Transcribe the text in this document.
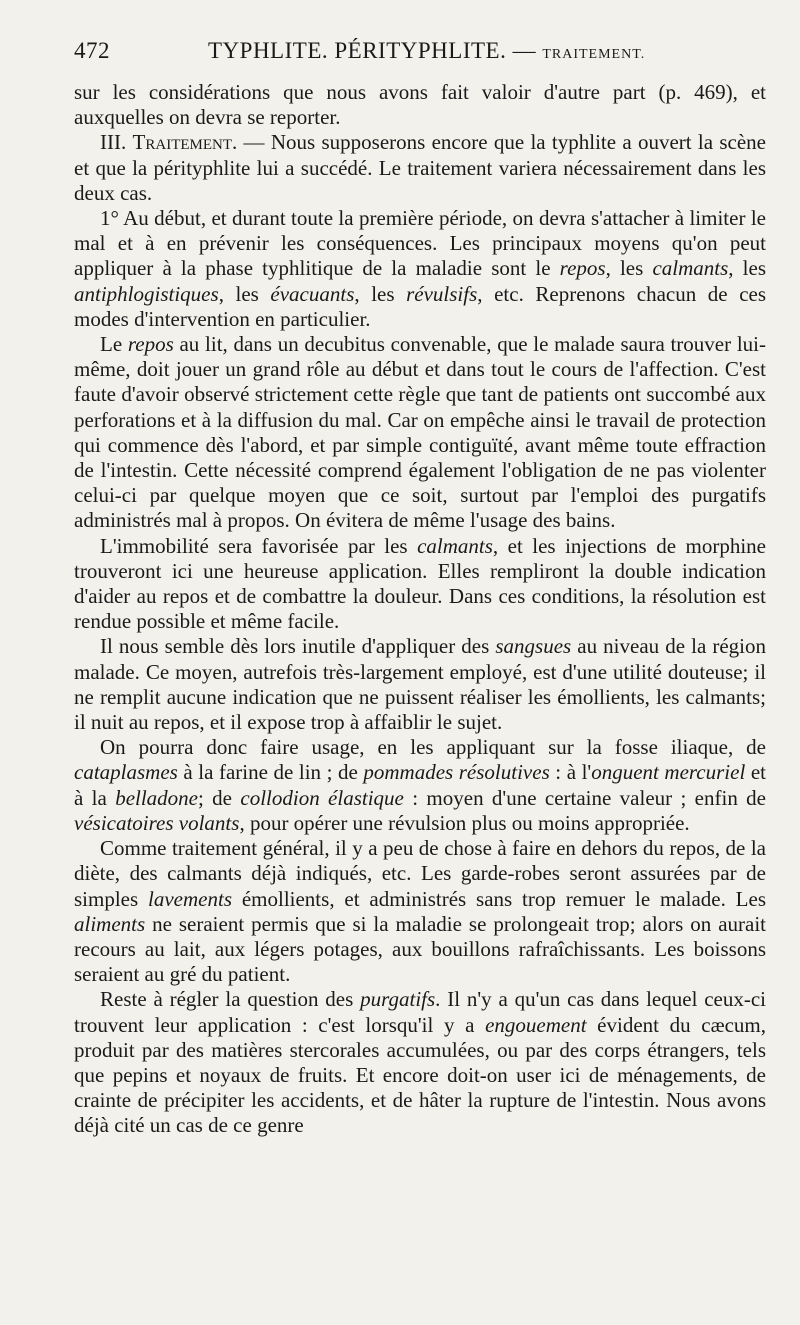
472	TYPHLITE. PÉRITYPHLITE. — TRAITEMENT.

sur les considérations que nous avons fait valoir d'autre part (p. 469), et auxquelles on devra se reporter.

III. Traitement. — Nous supposerons encore que la typhlite a ouvert la scène et que la pérityphlite lui a succédé. Le traitement variera nécessairement dans les deux cas.

1° Au début, et durant toute la première période, on devra s'attacher à limiter le mal et à en prévenir les conséquences. Les principaux moyens qu'on peut appliquer à la phase typhlitique de la maladie sont le repos, les calmants, les antiphlogistiques, les évacuants, les révulsifs, etc. Reprenons chacun de ces modes d'intervention en particulier.

Le repos au lit, dans un decubitus convenable, que le malade saura trouver lui-même, doit jouer un grand rôle au début et dans tout le cours de l'affection. C'est faute d'avoir observé strictement cette règle que tant de patients ont succombé aux perforations et à la diffusion du mal. Car on empêche ainsi le travail de protection qui commence dès l'abord, et par simple contiguïté, avant même toute effraction de l'intestin. Cette nécessité comprend également l'obligation de ne pas violenter celui-ci par quelque moyen que ce soit, surtout par l'emploi des purgatifs administrés mal à propos. On évitera de même l'usage des bains.

L'immobilité sera favorisée par les calmants, et les injections de morphine trouveront ici une heureuse application. Elles rempliront la double indication d'aider au repos et de combattre la douleur. Dans ces conditions, la résolution est rendue possible et même facile.

Il nous semble dès lors inutile d'appliquer des sangsues au niveau de la région malade. Ce moyen, autrefois très-largement employé, est d'une utilité douteuse; il ne remplit aucune indication que ne puissent réaliser les émollients, les calmants; il nuit au repos, et il expose trop à affaiblir le sujet.

On pourra donc faire usage, en les appliquant sur la fosse iliaque, de cataplasmes à la farine de lin ; de pommades résolutives : à l'onguent mercuriel et à la belladone; de collodion élastique : moyen d'une certaine valeur ; enfin de vésicatoires volants, pour opérer une révulsion plus ou moins appropriée.

Comme traitement général, il y a peu de chose à faire en dehors du repos, de la diète, des calmants déjà indiqués, etc. Les garde-robes seront assurées par de simples lavements émollients, et administrés sans trop remuer le malade. Les aliments ne seraient permis que si la maladie se prolongeait trop; alors on aurait recours au lait, aux légers potages, aux bouillons rafraîchissants. Les boissons seraient au gré du patient.

Reste à régler la question des purgatifs. Il n'y a qu'un cas dans lequel ceux-ci trouvent leur application : c'est lorsqu'il y a engouement évident du cæcum, produit par des matières stercorales accumulées, ou par des corps étrangers, tels que pepins et noyaux de fruits. Et encore doit-on user ici de ménagements, de crainte de précipiter les accidents, et de hâter la rupture de l'intestin. Nous avons déjà cité un cas de ce genre
